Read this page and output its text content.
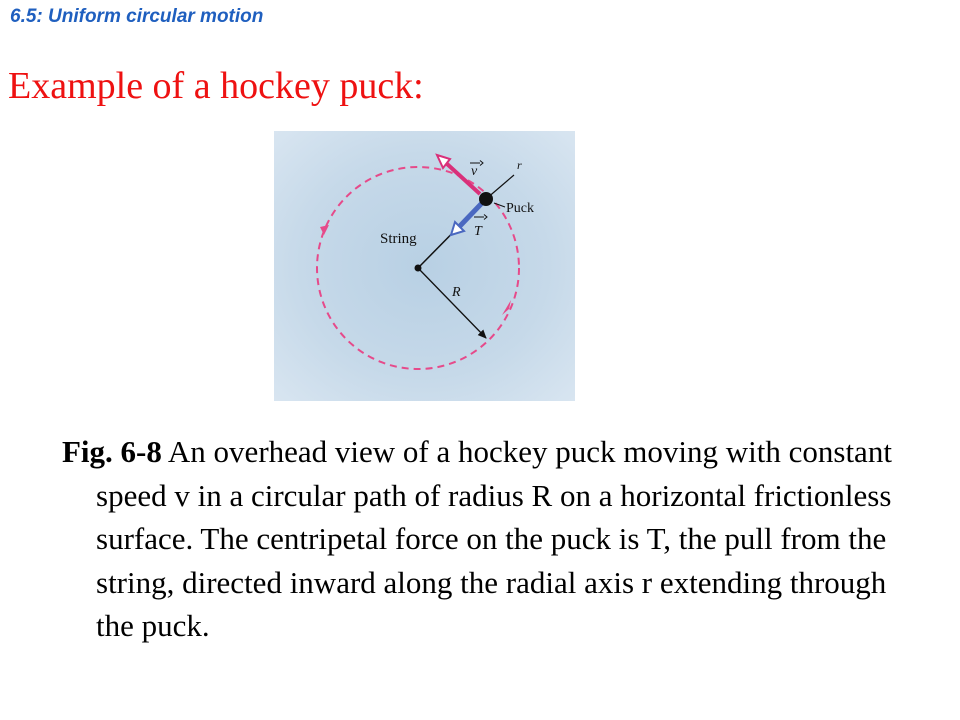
6.5: Uniform circular motion
Example of a hockey puck:
v	r
Puck
T
String
R
Fig. 6-8 An overhead view of a hockey puck moving with constant speed v in a circular path of radius R on a horizontal frictionless surface. The centripetal force on the puck is T, the pull from the string, directed inward along the radial axis r extending through the puck.
